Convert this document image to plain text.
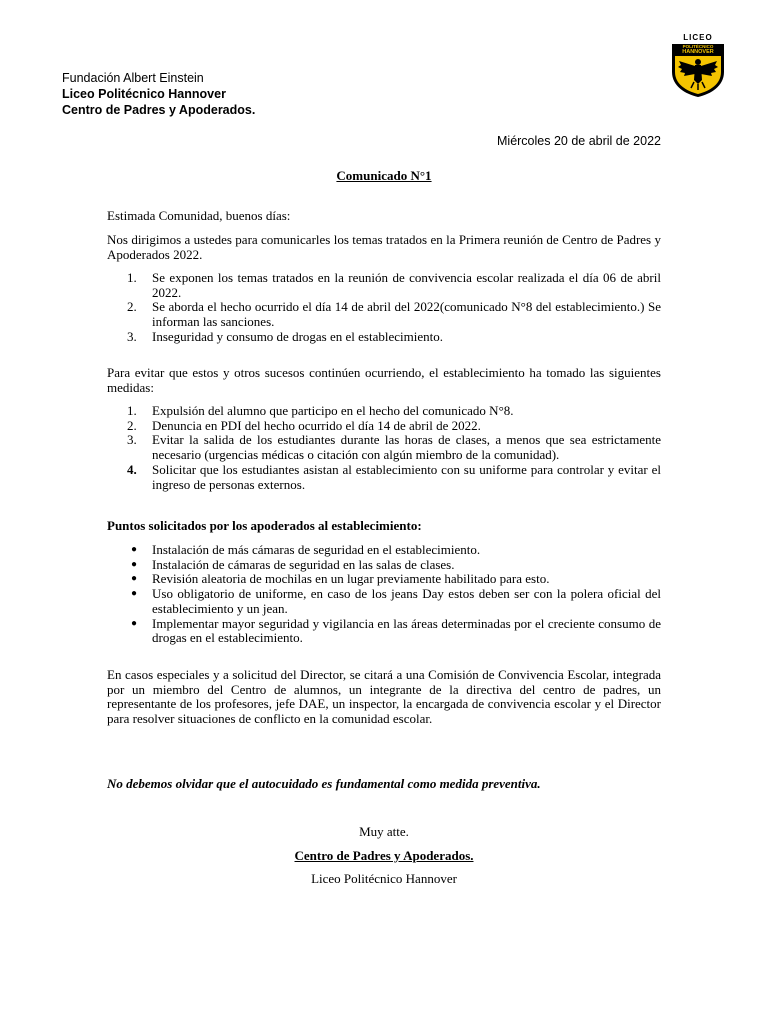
Fundación Albert Einstein
Liceo Politécnico Hannover
Centro de Padres y Apoderados.
LICEO
POLITÉCNICO
HANNOVER
Miércoles 20 de abril de 2022
Comunicado N°1

Estimada Comunidad, buenos días:

Nos dirigimos a ustedes para comunicarles los temas tratados en la Primera reunión de Centro de Padres y Apoderados 2022.

1. Se exponen los temas tratados en la reunión de convivencia escolar realizada el día 06 de abril 2022.
2. Se aborda el hecho ocurrido el día 14 de abril del 2022(comunicado N°8 del establecimiento.) Se informan las sanciones.
3. Inseguridad y consumo de drogas en el establecimiento.

Para evitar que estos y otros sucesos continúen ocurriendo, el establecimiento ha tomado las siguientes medidas:

1. Expulsión del alumno que participo en el hecho del comunicado N°8.
2. Denuncia en PDI del hecho ocurrido el día 14 de abril de 2022.
3. Evitar la salida de los estudiantes durante las horas de clases, a menos que sea estrictamente necesario (urgencias médicas o citación con algún miembro de la comunidad).
4. Solicitar que los estudiantes asistan al establecimiento con su uniforme para controlar y evitar el ingreso de personas externos.

Puntos solicitados por los apoderados al establecimiento:

● Instalación de más cámaras de seguridad en el establecimiento.
● Instalación de cámaras de seguridad en las salas de clases.
● Revisión aleatoria de mochilas en un lugar previamente habilitado para esto.
● Uso obligatorio de uniforme, en caso de los jeans Day estos deben ser con la polera oficial del establecimiento y un jean.
● Implementar mayor seguridad y vigilancia en las áreas determinadas por el creciente consumo de drogas en el establecimiento.

En casos especiales y a solicitud del Director, se citará a una Comisión de Convivencia Escolar, integrada por un miembro del Centro de alumnos, un integrante de la directiva del centro de padres, un representante de los profesores, jefe DAE, un inspector, la encargada de convivencia escolar y el Director para resolver situaciones de conflicto en la comunidad escolar.

No debemos olvidar que el autocuidado es fundamental como medida preventiva.

Muy atte.
Centro de Padres y Apoderados.
Liceo Politécnico Hannover
